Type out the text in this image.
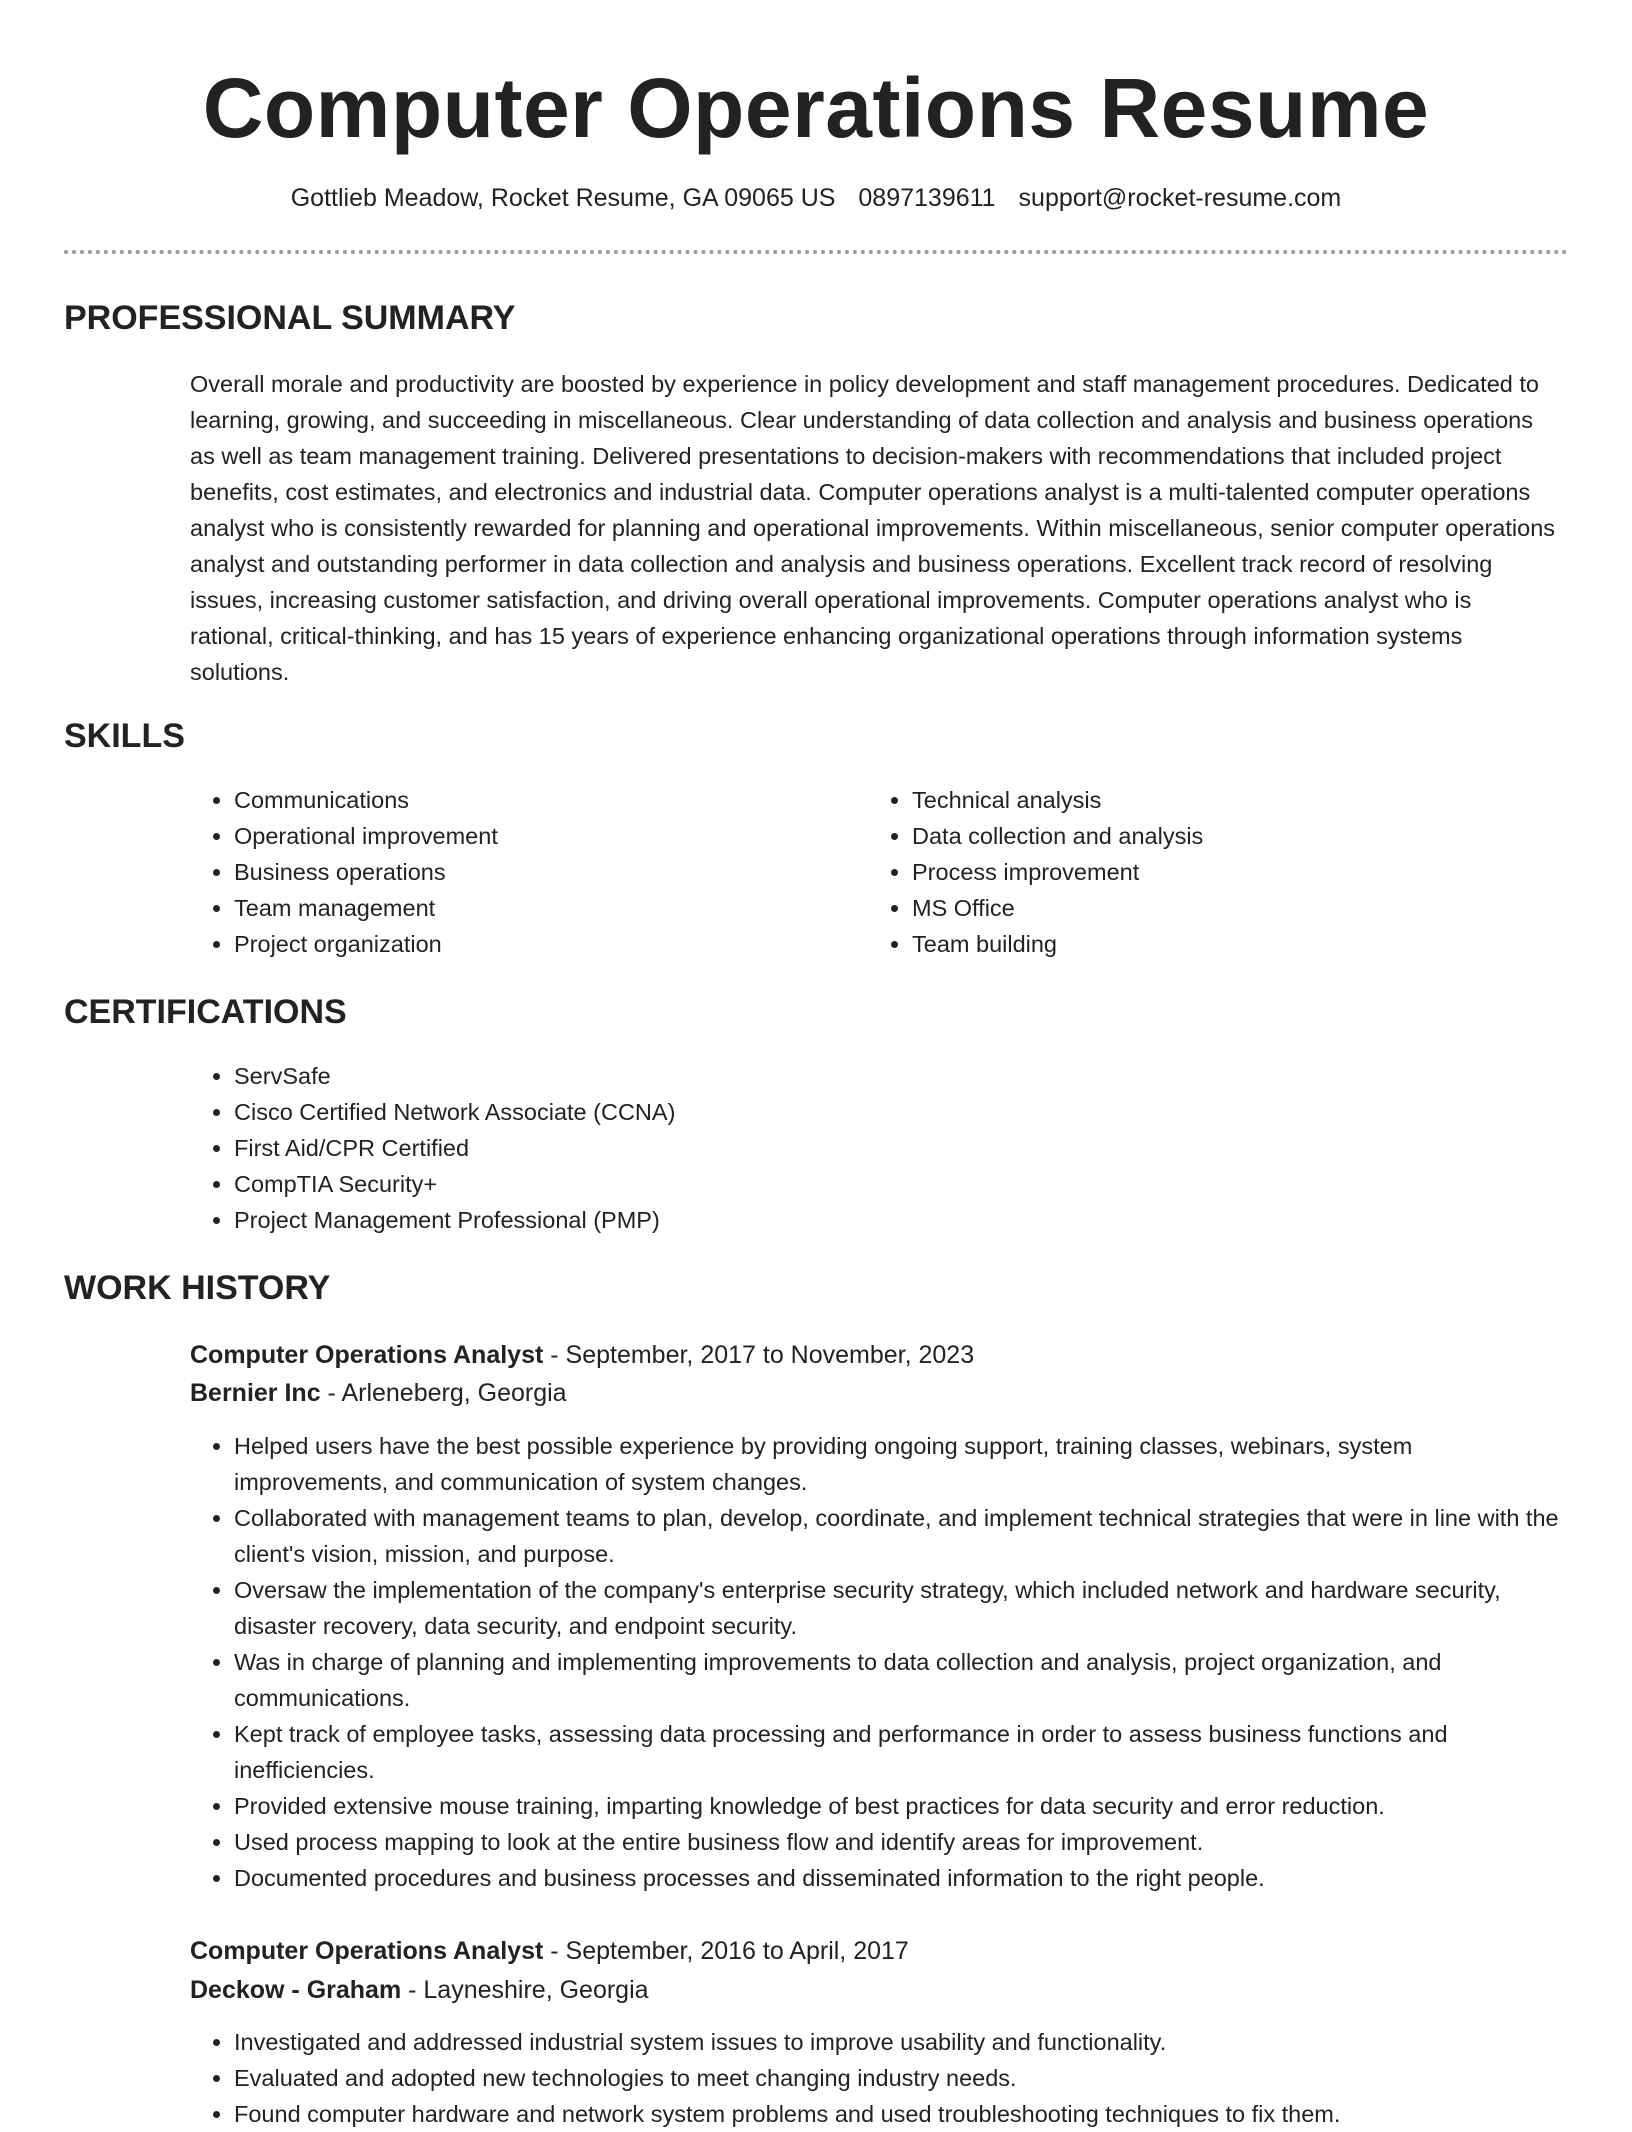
Computer Operations Resume
Gottlieb Meadow, Rocket Resume, GA 09065 US 0897139611 support@rocket-resume.com
PROFESSIONAL SUMMARY

Overall morale and productivity are boosted by experience in policy development and staff management procedures. Dedicated to learning, growing, and succeeding in miscellaneous. Clear understanding of data collection and analysis and business operations as well as team management training. Delivered presentations to decision-makers with recommendations that included project benefits, cost estimates, and electronics and industrial data. Computer operations analyst is a multi-talented computer operations analyst who is consistently rewarded for planning and operational improvements. Within miscellaneous, senior computer operations analyst and outstanding performer in data collection and analysis and business operations. Excellent track record of resolving issues, increasing customer satisfaction, and driving overall operational improvements. Computer operations analyst who is rational, critical-thinking, and has 15 years of experience enhancing organizational operations through information systems solutions.

SKILLS
• Communications
• Operational improvement
• Business operations
• Team management
• Project organization
• Technical analysis
• Data collection and analysis
• Process improvement
• MS Office
• Team building
CERTIFICATIONS
• ServSafe
• Cisco Certified Network Associate (CCNA)
• First Aid/CPR Certified
• CompTIA Security+
• Project Management Professional (PMP)
WORK HISTORY
Computer Operations Analyst - September, 2017 to November, 2023
Bernier Inc - Arleneberg, Georgia
• Helped users have the best possible experience by providing ongoing support, training classes, webinars, system improvements, and communication of system changes.
• Collaborated with management teams to plan, develop, coordinate, and implement technical strategies that were in line with the client's vision, mission, and purpose.
• Oversaw the implementation of the company's enterprise security strategy, which included network and hardware security, disaster recovery, data security, and endpoint security.
• Was in charge of planning and implementing improvements to data collection and analysis, project organization, and communications.
• Kept track of employee tasks, assessing data processing and performance in order to assess business functions and inefficiencies.
• Provided extensive mouse training, imparting knowledge of best practices for data security and error reduction.
• Used process mapping to look at the entire business flow and identify areas for improvement.
• Documented procedures and business processes and disseminated information to the right people.
Computer Operations Analyst - September, 2016 to April, 2017
Deckow - Graham - Layneshire, Georgia
• Investigated and addressed industrial system issues to improve usability and functionality.
• Evaluated and adopted new technologies to meet changing industry needs.
• Found computer hardware and network system problems and used troubleshooting techniques to fix them.
